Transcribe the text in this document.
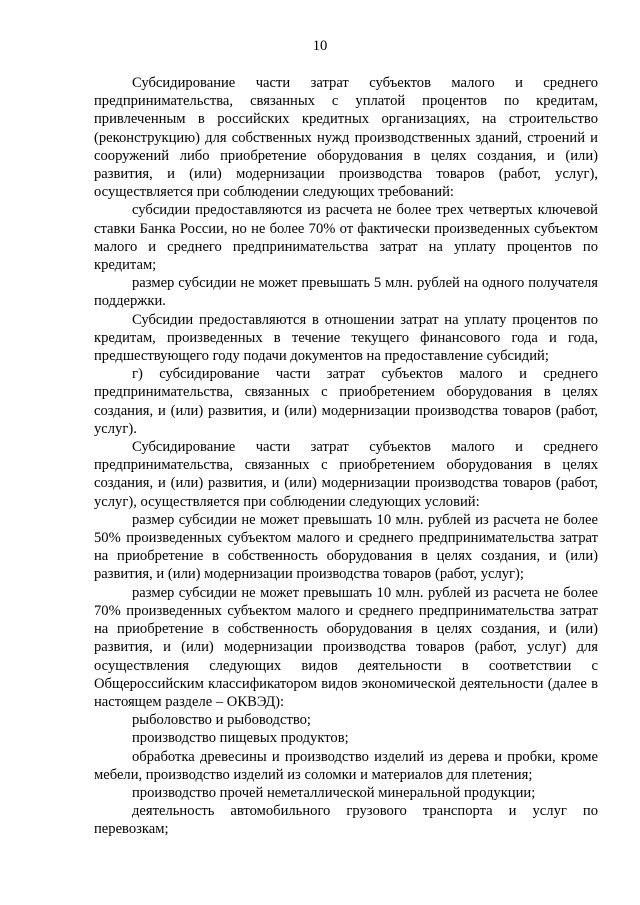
10

Субсидирование части затрат субъектов малого и среднего предпринимательства, связанных с уплатой процентов по кредитам, привлеченным в российских кредитных организациях, на строительство (реконструкцию) для собственных нужд производственных зданий, строений и сооружений либо приобретение оборудования в целях создания, и (или) развития, и (или) модернизации производства товаров (работ, услуг), осуществляется при соблюдении следующих требований:

субсидии предоставляются из расчета не более трех четвертых ключевой ставки Банка России, но не более 70% от фактически произведенных субъектом малого и среднего предпринимательства затрат на уплату процентов по кредитам;

размер субсидии не может превышать 5 млн. рублей на одного получателя поддержки.

Субсидии предоставляются в отношении затрат на уплату процентов по кредитам, произведенных в течение текущего финансового года и года, предшествующего году подачи документов на предоставление субсидий;

г) субсидирование части затрат субъектов малого и среднего предпринимательства, связанных с приобретением оборудования в целях создания, и (или) развития, и (или) модернизации производства товаров (работ, услуг).

Субсидирование части затрат субъектов малого и среднего предпринимательства, связанных с приобретением оборудования в целях создания, и (или) развития, и (или) модернизации производства товаров (работ, услуг), осуществляется при соблюдении следующих условий:

размер субсидии не может превышать 10 млн. рублей из расчета не более 50% произведенных субъектом малого и среднего предпринимательства затрат на приобретение в собственность оборудования в целях создания, и (или) развития, и (или) модернизации производства товаров (работ, услуг);

размер субсидии не может превышать 10 млн. рублей из расчета не более 70% произведенных субъектом малого и среднего предпринимательства затрат на приобретение в собственность оборудования в целях создания, и (или) развития, и (или) модернизации производства товаров (работ, услуг) для осуществления следующих видов деятельности в соответствии с Общероссийским классификатором видов экономической деятельности (далее в настоящем разделе – ОКВЭД):

рыболовство и рыбоводство;

производство пищевых продуктов;

обработка древесины и производство изделий из дерева и пробки, кроме мебели, производство изделий из соломки и материалов для плетения;

производство прочей неметаллической минеральной продукции;

деятельность автомобильного грузового транспорта и услуг по перевозкам;
